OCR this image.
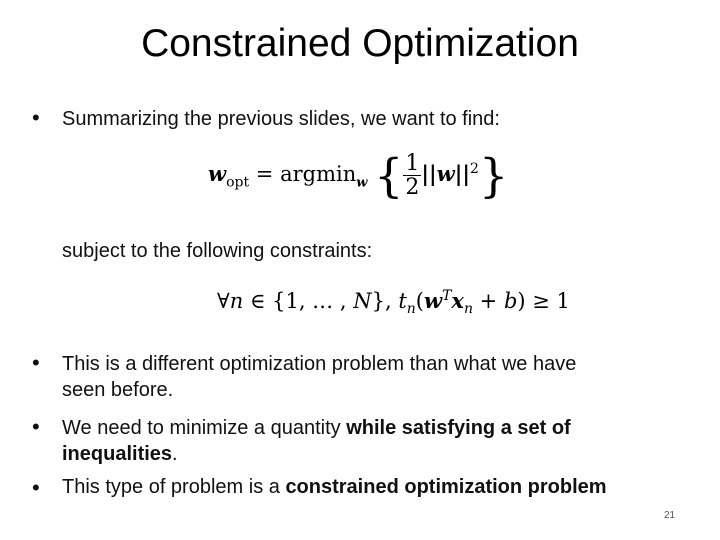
Constrained Optimization
• Summarizing the previous slides, we want to find:
$w_{opt} = argmin_w$ { $\frac{1}{2} ||w||^2$}
subject to the following constraints:
∀n ∈ {1, … , N}, $t_n(w^Tx_n + b) \ge 1$
• This is a different optimization problem than what we have
seen before.
• We need to minimize a quantity while satisfying a set of
inequalities.
• This type of problem is a constrained optimization problem
21
